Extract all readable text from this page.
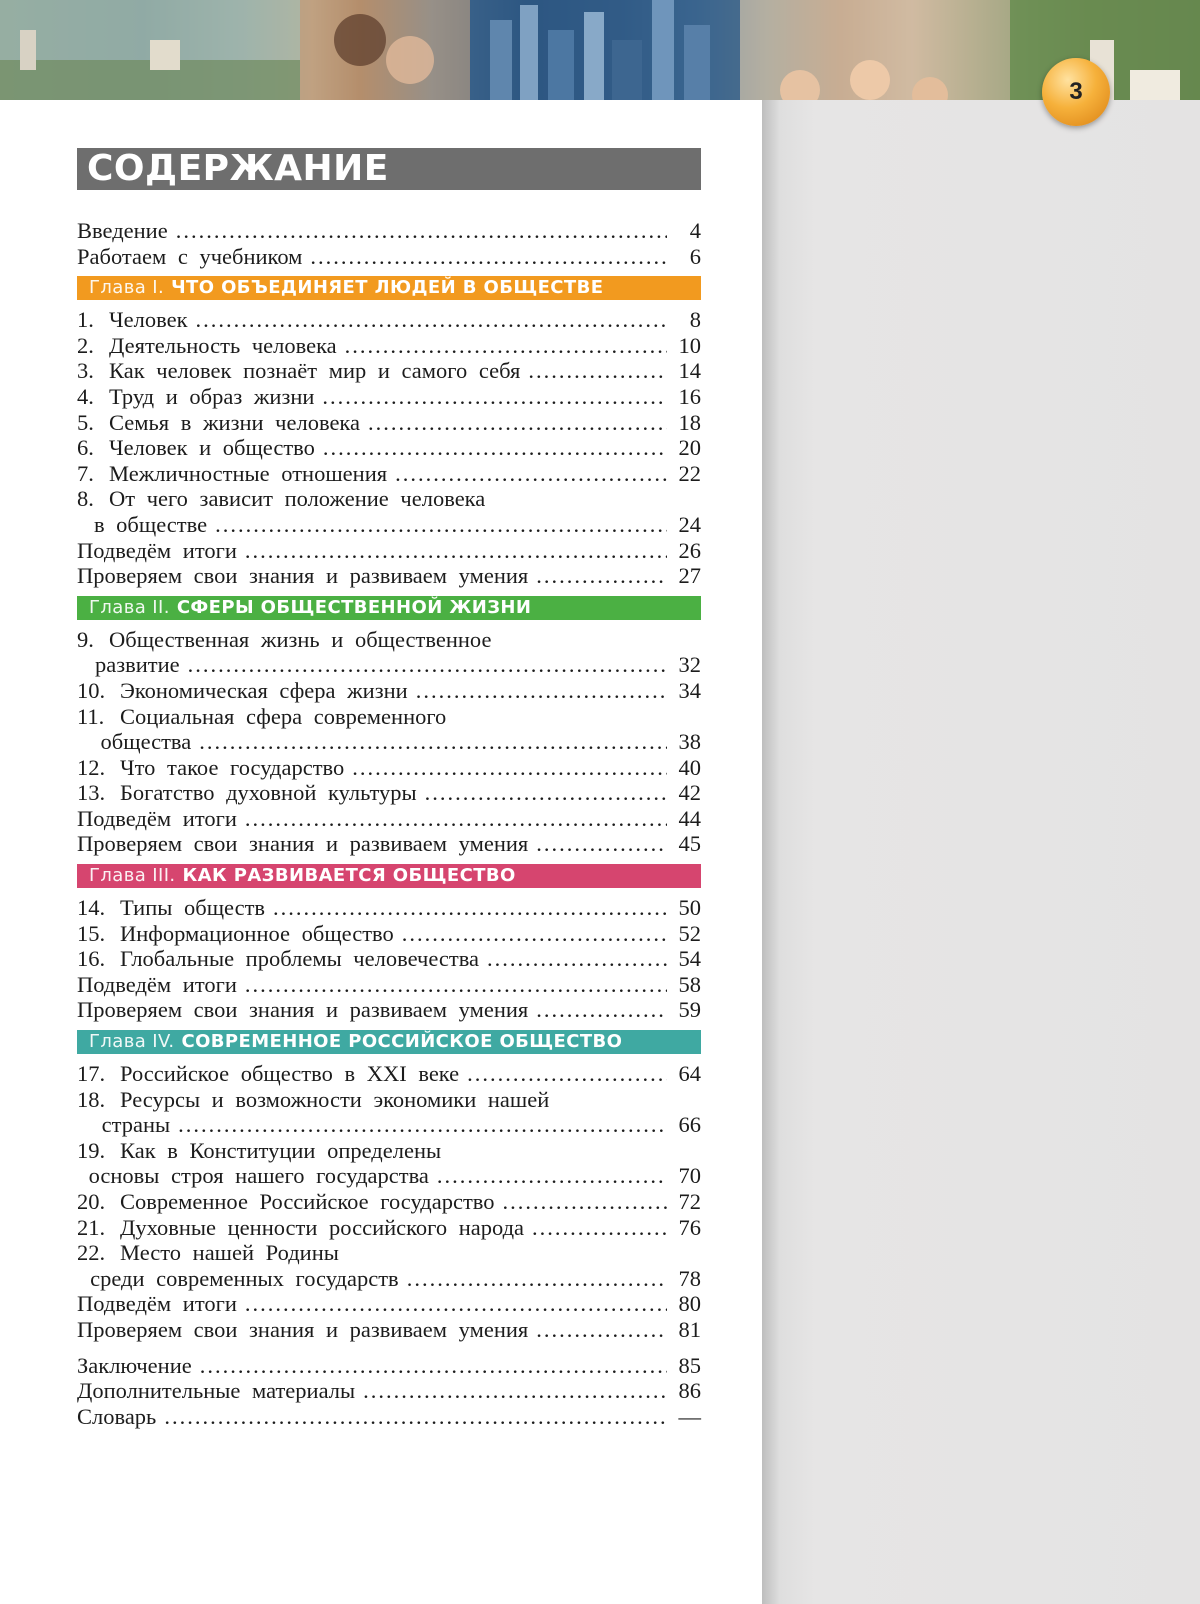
3
СОДЕРЖАНИЕ
Введение .....	4
Работаем с учебником .....	6
Глава I. ЧТО ОБЪЕДИНЯЕТ ЛЮДЕЙ В ОБЩЕСТВЕ
1. Человек .....	8
2. Деятельность человека .....	10
3. Как человек познаёт мир и самого себя .....	14
4. Труд и образ жизни .....	16
5. Семья в жизни человека .....	18
6. Человек и общество .....	20
7. Межличностные отношения .....	22
8. От чего зависит положение человека
в обществе .....	24
Подведём итоги .....	26
Проверяем свои знания и развиваем умения .....	27
Глава II. СФЕРЫ ОБЩЕСТВЕННОЙ ЖИЗНИ
9. Общественная жизнь и общественное
развитие .....	32
10. Экономическая сфера жизни .....	34
11. Социальная сфера современного
общества .....	38
12. Что такое государство .....	40
13. Богатство духовной культуры .....	42
Подведём итоги .....	44
Проверяем свои знания и развиваем умения .....	45
Глава III. КАК РАЗВИВАЕТСЯ ОБЩЕСТВО
14. Типы обществ .....	50
15. Информационное общество .....	52
16. Глобальные проблемы человечества .....	54
Подведём итоги .....	58
Проверяем свои знания и развиваем умения .....	59
Глава IV. СОВРЕМЕННОЕ РОССИЙСКОЕ ОБЩЕСТВО
17. Российское общество в XXI веке .....	64
18. Ресурсы и возможности экономики нашей
страны .....	66
19. Как в Конституции определены
основы строя нашего государства .....	70
20. Современное Российское государство .....	72
21. Духовные ценности российского народа .....	76
22. Место нашей Родины
среди современных государств .....	78
Подведём итоги .....	80
Проверяем свои знания и развиваем умения .....	81
Заключение .....	85
Дополнительные материалы .....	86
Словарь .....	—
